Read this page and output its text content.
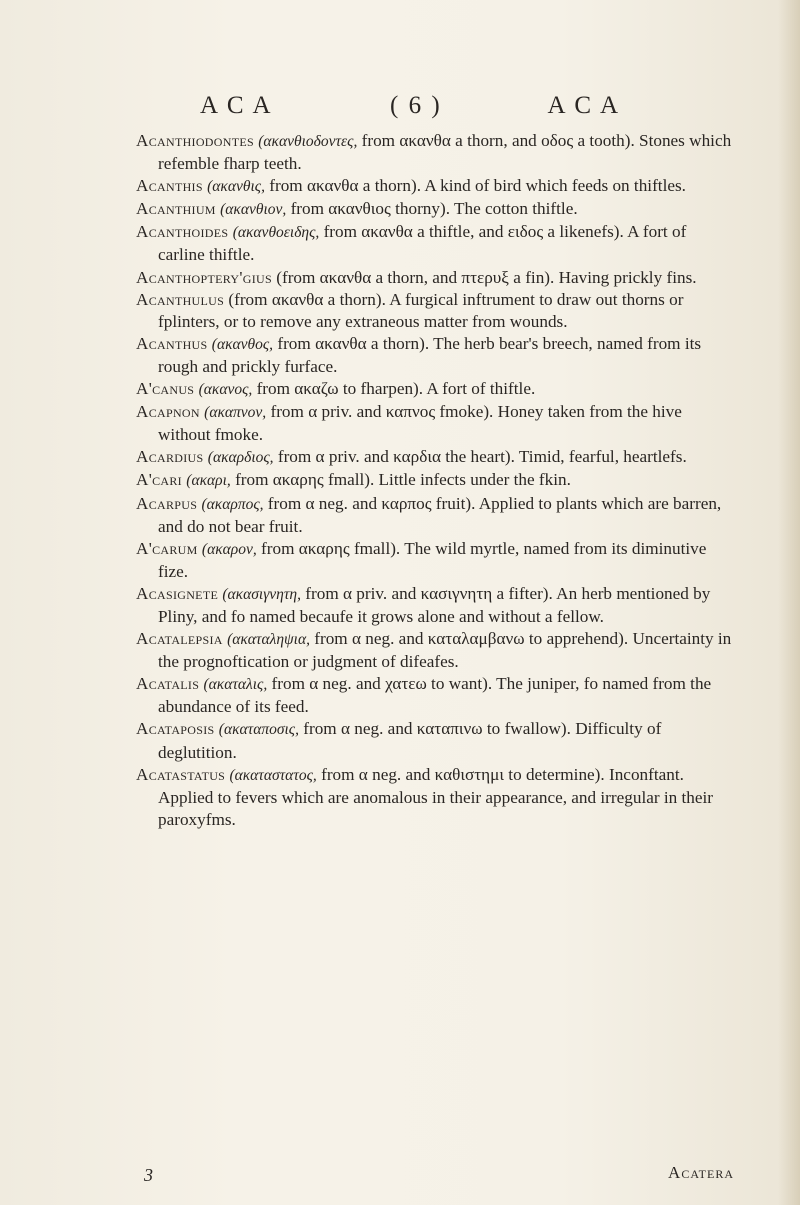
A C A	( 6 )	A C A

Acanthiodontes (ακανθιοδοντες, from ακανθα a thorn, and οδος a tooth). Stones which refemble fharp teeth.

Acanthis (ακανθις, from ακανθα a thorn). A kind of bird which feeds on thiftles.

Acanthium (ακανθιον, from ακανθιος thorny). The cotton thiftle.

Acanthoides (ακανθοειδης, from ακανθα a thiftle, and ειδος a likenefs). A fort of carline thiftle.

Acanthoptery'gius (from ακανθα a thorn, and πτερυξ a fin). Having prickly fins.

Acanthulus (from ακανθα a thorn). A furgical inftrument to draw out thorns or fplinters, or to remove any extraneous matter from wounds.

Acanthus (ακανθος, from ακανθα a thorn). The herb bear's breech, named from its rough and prickly furface.

A'canus (ακανος, from ακαζω to fharpen). A fort of thiftle.

Acapnon (ακαπνον, from α priv. and καπνος fmoke). Honey taken from the hive without fmoke.

Acardius (ακαρδιος, from α priv. and καρδια the heart). Timid, fearful, heartlefs.

A'cari (ακαρι, from ακαρης fmall). Little infects under the fkin.

Acarpus (ακαρπος, from α neg. and καρπος fruit). Applied to plants which are barren, and do not bear fruit.

A'carum (ακαρον, from ακαρης fmall). The wild myrtle, named from its diminutive fize.

Acasignete (ακασιγνητη, from α priv. and κασιγνητη a fifter). An herb mentioned by Pliny, and fo named becaufe it grows alone and without a fellow.

Acatalepsia (ακαταληψια, from α neg. and καταλαμβανω to apprehend). Uncertainty in the prognoftication or judgment of difeafes.

Acatalis (ακαταλις, from α neg. and χατεω to want). The juniper, fo named from the abundance of its feed.

Acataposis (ακαταποσις, from α neg. and καταπινω to fwallow). Difficulty of deglutition.

Acatastatus (ακαταστατος, from α neg. and καθιστημι to determine). Inconftant. Applied to fevers which are anomalous in their appearance, and irregular in their paroxyfms.

3	Acatera
